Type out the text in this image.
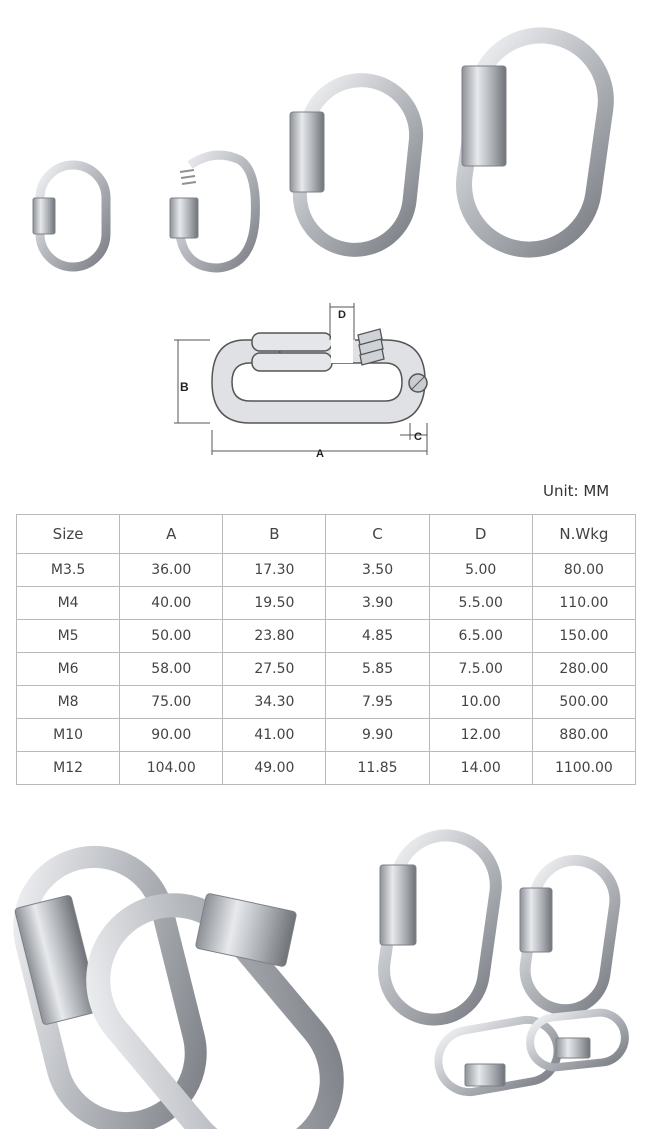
D
B
C
A
Unit: MM
Size	A	B	C	D	N.Wkg
M3.5	36.00	17.30	3.50	5.00	80.00
M4	40.00	19.50	3.90	5.5.00	110.00
M5	50.00	23.80	4.85	6.5.00	150.00
M6	58.00	27.50	5.85	7.5.00	280.00
M8	75.00	34.30	7.95	10.00	500.00
M10	90.00	41.00	9.90	12.00	880.00
M12	104.00	49.00	11.85	14.00	1100.00
